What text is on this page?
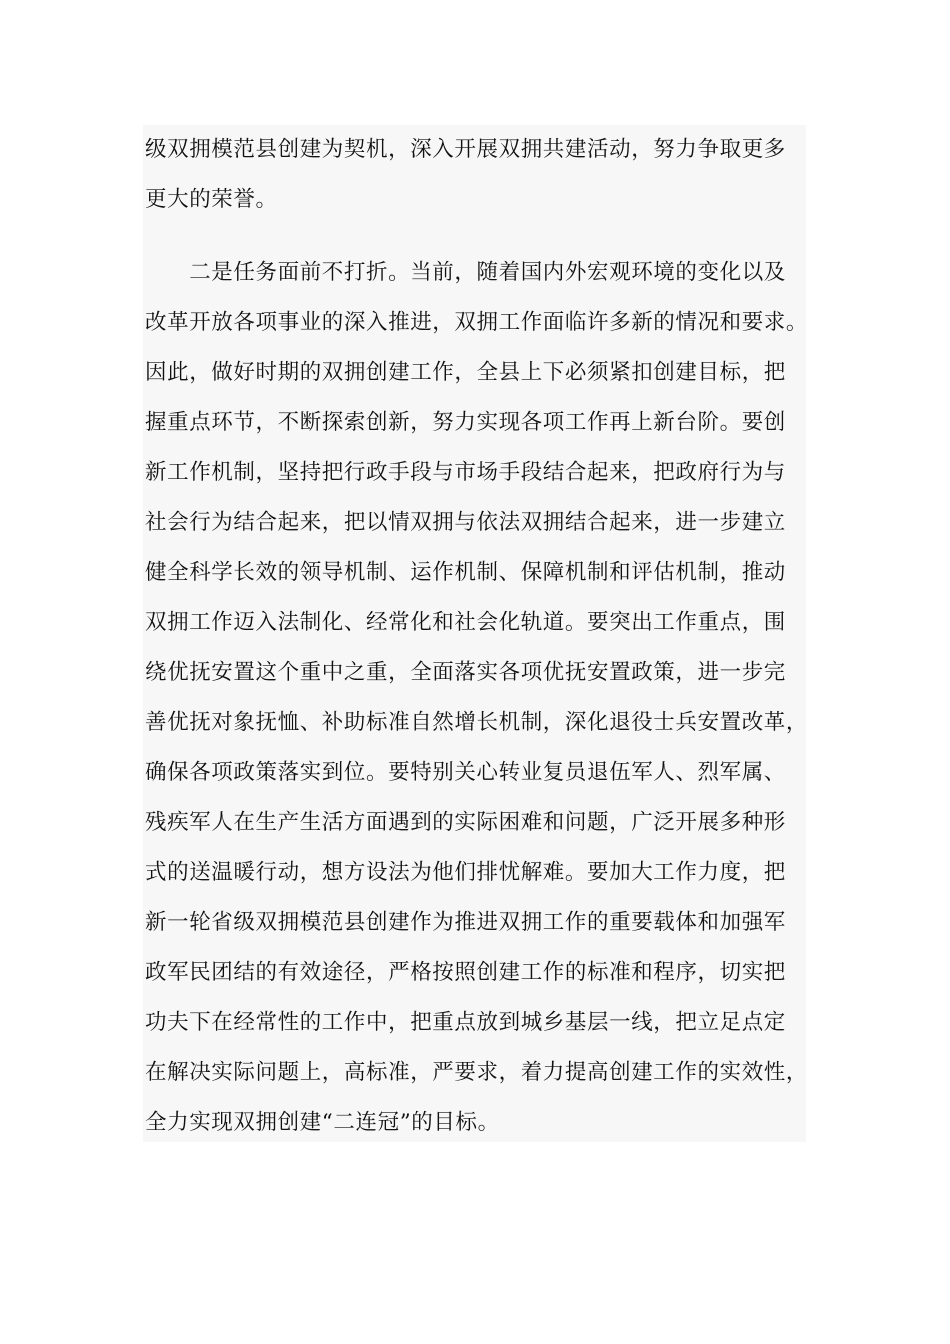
级双拥模范县创建为契机，深入开展双拥共建活动，努力争取更多
更大的荣誉。
　　二是任务面前不打折。当前，随着国内外宏观环境的变化以及
改革开放各项事业的深入推进，双拥工作面临许多新的情况和要求。
因此，做好时期的双拥创建工作，全县上下必须紧扣创建目标，把
握重点环节，不断探索创新，努力实现各项工作再上新台阶。要创
新工作机制，坚持把行政手段与市场手段结合起来，把政府行为与
社会行为结合起来，把以情双拥与依法双拥结合起来，进一步建立
健全科学长效的领导机制、运作机制、保障机制和评估机制，推动
双拥工作迈入法制化、经常化和社会化轨道。要突出工作重点，围
绕优抚安置这个重中之重，全面落实各项优抚安置政策，进一步完
善优抚对象抚恤、补助标准自然增长机制，深化退役士兵安置改革，
确保各项政策落实到位。要特别关心转业复员退伍军人、烈军属、
残疾军人在生产生活方面遇到的实际困难和问题，广泛开展多种形
式的送温暖行动，想方设法为他们排忧解难。要加大工作力度，把
新一轮省级双拥模范县创建作为推进双拥工作的重要载体和加强军
政军民团结的有效途径，严格按照创建工作的标准和程序，切实把
功夫下在经常性的工作中，把重点放到城乡基层一线，把立足点定
在解决实际问题上，高标准，严要求，着力提高创建工作的实效性，
全力实现双拥创建“二连冠”的目标。
